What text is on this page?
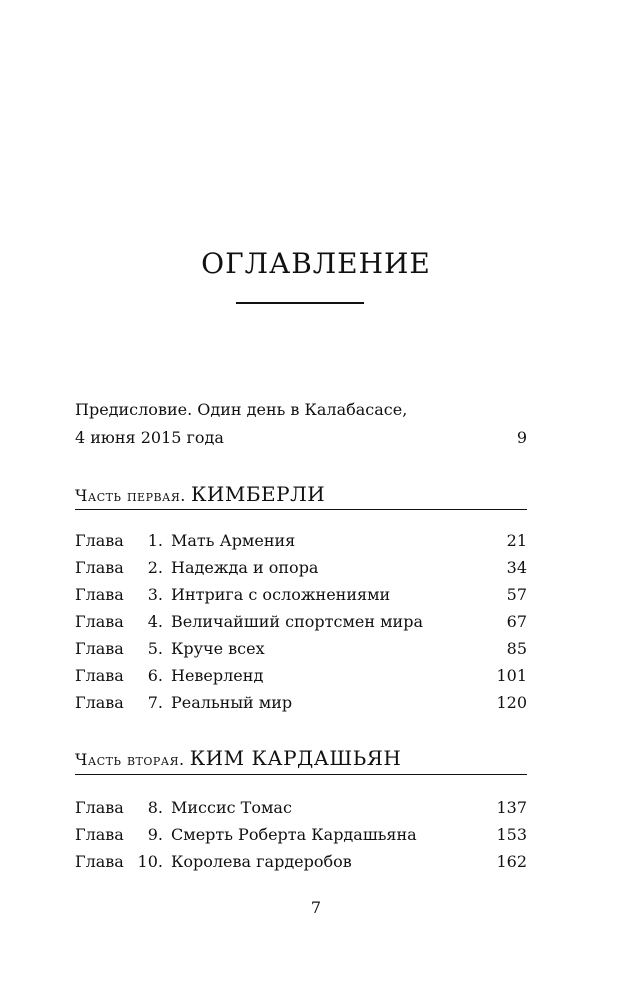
ОГЛАВЛЕНИЕ
Предисловие. Один день в Калабасасе,
4 июня 2015 года	9
Часть первая. КИМБЕРЛИ
Глава	1. Мать Армения	21
Глава	2. Надежда и опора	34
Глава	3. Интрига с осложнениями	57
Глава	4. Величайший спортсмен мира	67
Глава	5. Круче всех	85
Глава	6. Неверленд	101
Глава	7. Реальный мир	120
Часть вторая. КИМ КАРДАШЬЯН
Глава	8. Миссис Томас	137
Глава	9. Смерть Роберта Кардашьяна	153
Глава 10. Королева гардеробов	162
7
